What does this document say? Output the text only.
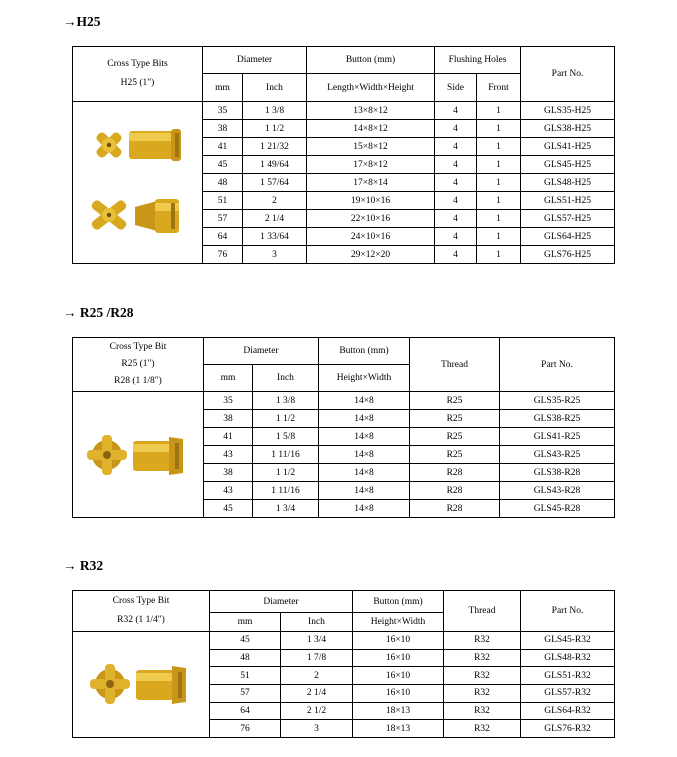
→H25
Cross Type Bits
H25 (1")	Diameter		Button (mm)	Flushing Holes		Part No.
	mm	Inch	Length×Width×Height	Side	Front	

	35	1 3/8	13×8×12	4	1	GLS35-H25
	38	1 1/2	14×8×12	4	1	GLS38-H25
	41	1 21/32	15×8×12	4	1	GLS41-H25
	45	1 49/64	17×8×12	4	1	GLS45-H25
	48	1 57/64	17×8×14	4	1	GLS48-H25
	51	2	19×10×16	4	1	GLS51-H25
	57	2 1/4	22×10×16	4	1	GLS57-H25
	64	1 33/64	24×10×16	4	1	GLS64-H25
	76	3	29×12×20	4	1	GLS76-H25
→ R25 /R28
Cross Type Bit
R25 (1")
R28 (1 1/8")	Diameter		Button (mm)	Thread	Part No.
	mm	Inch	Height×Width		

	35	1 3/8	14×8	R25	GLS35-R25
	38	1 1/2	14×8	R25	GLS38-R25
	41	1 5/8	14×8	R25	GLS41-R25
	43	1 11/16	14×8	R25	GLS43-R25
	38	1 1/2	14×8	R28	GLS38-R28
	43	1 11/16	14×8	R28	GLS43-R28
	45	1 3/4	14×8	R28	GLS45-R28
→ R32
Cross Type Bit
R32 (1 1/4")	Diameter		Button (mm)	Thread	Part No.
	mm	Inch	Height×Width		

	45	1 3/4	16×10	R32	GLS45-R32
	48	1 7/8	16×10	R32	GLS48-R32
	51	2	16×10	R32	GLS51-R32
	57	2 1/4	16×10	R32	GLS57-R32
	64	2 1/2	18×13	R32	GLS64-R32
	76	3	18×13	R32	GLS76-R32
